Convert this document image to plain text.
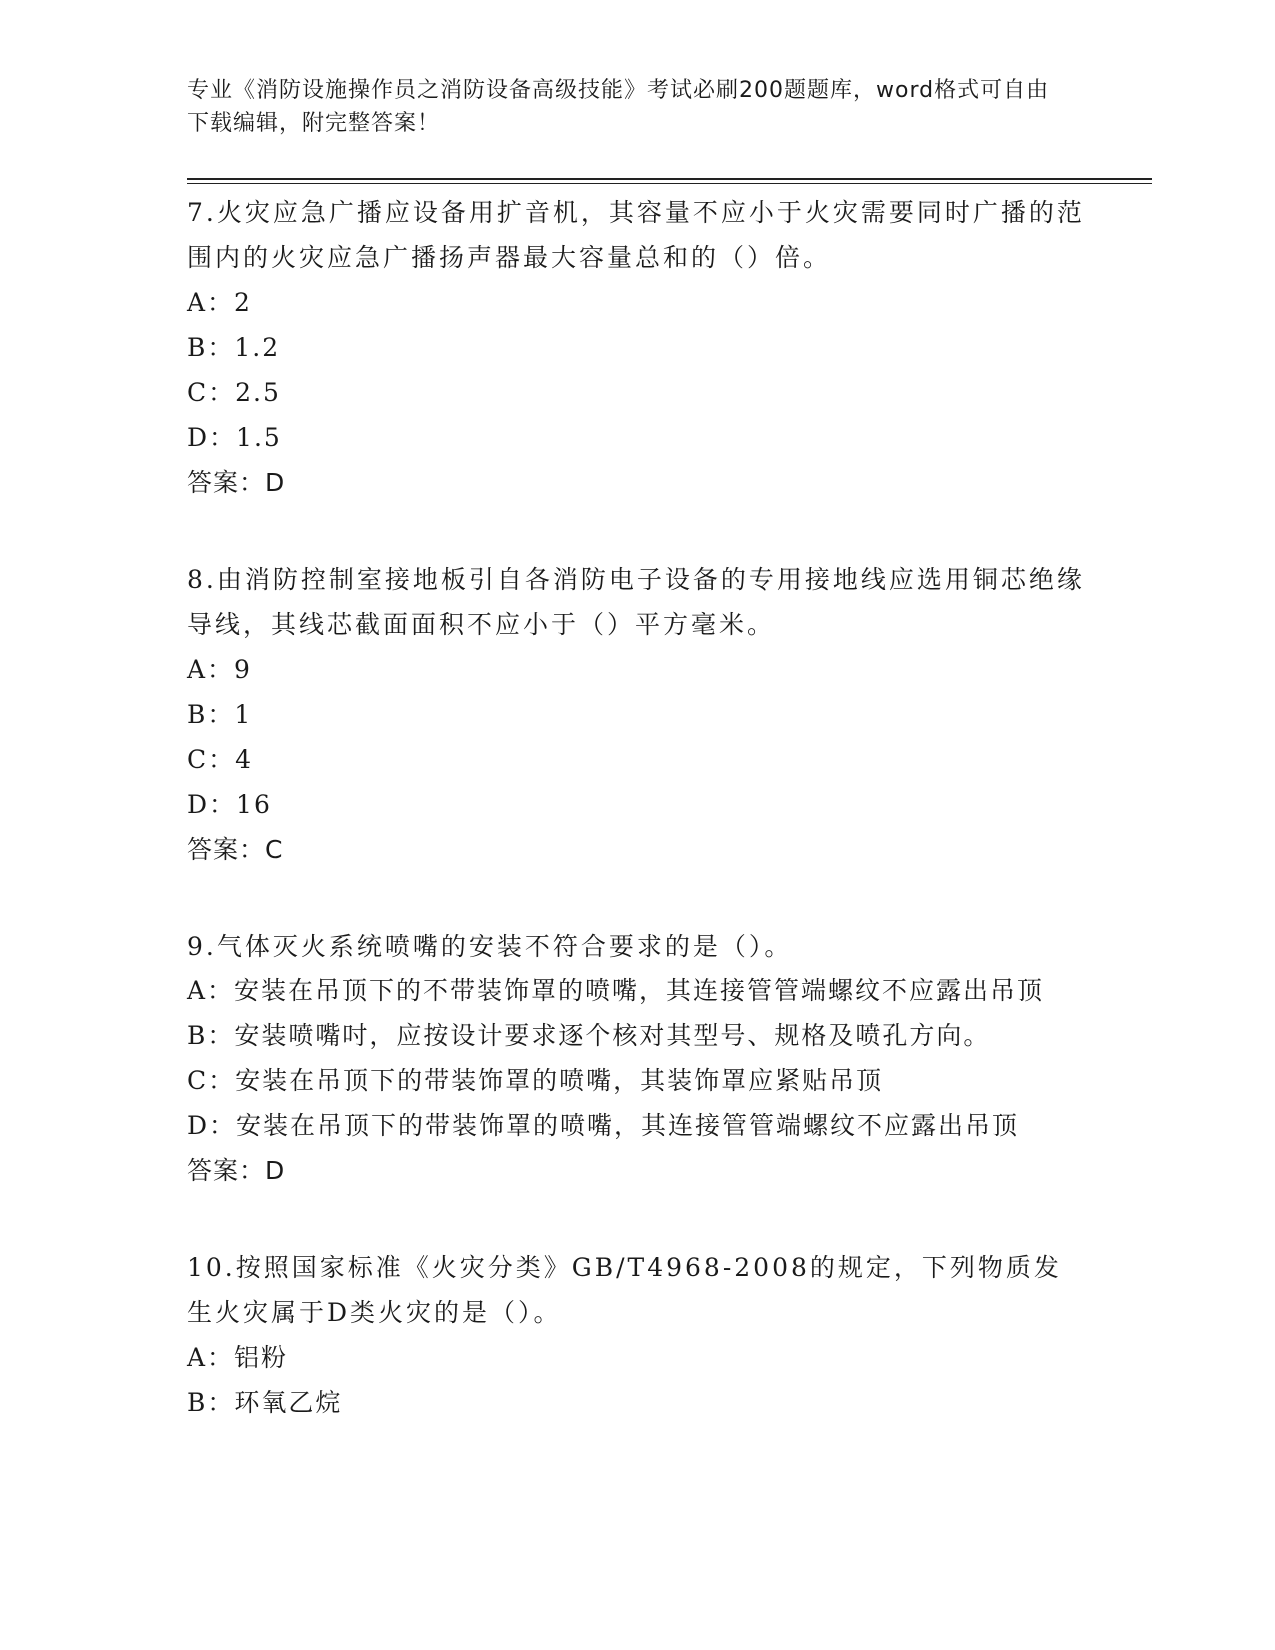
专业《消防设施操作员之消防设备高级技能》考试必刷200题题库，word格式可自由下载编辑，附完整答案！
7.火灾应急广播应设备用扩音机，其容量不应小于火灾需要同时广播的范围内的火灾应急广播扬声器最大容量总和的（）倍。
A：2
B：1.2
C：2.5
D：1.5
答案：D
8.由消防控制室接地板引自各消防电子设备的专用接地线应选用铜芯绝缘导线，其线芯截面面积不应小于（）平方毫米。
A：9
B：1
C：4
D：16
答案：C
9.气体灭火系统喷嘴的安装不符合要求的是（）。
A：安装在吊顶下的不带装饰罩的喷嘴，其连接管管端螺纹不应露出吊顶
B：安装喷嘴吋，应按设计要求逐个核对其型号、规格及喷孔方向。
C：安装在吊顶下的带装饰罩的喷嘴，其装饰罩应紧贴吊顶
D：安装在吊顶下的带装饰罩的喷嘴，其连接管管端螺纹不应露出吊顶
答案：D
10.按照国家标准《火灾分类》GB/T4968-2008的规定，下列物质发生火灾属于D类火灾的是（）。
A：铝粉
B：环氧乙烷
